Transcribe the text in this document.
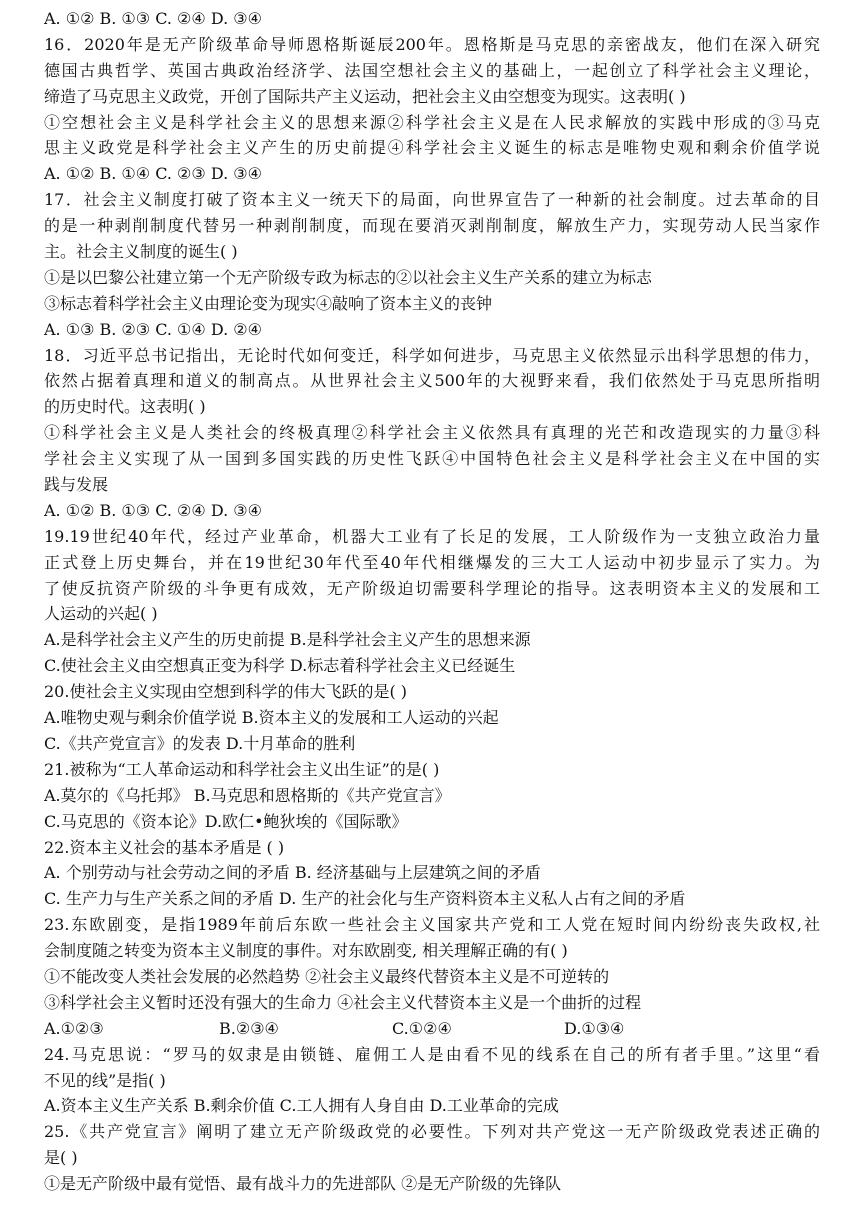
A. ①② B. ①③ C. ②④ D. ③④
16．2020年是无产阶级革命导师恩格斯诞辰200年。恩格斯是马克思的亲密战友，他们在深入研究
德国古典哲学、英国古典政治经济学、法国空想社会主义的基础上，一起创立了科学社会主义理论，
缔造了马克思主义政党，开创了国际共产主义运动，把社会主义由空想变为现实。这表明( )
①空想社会主义是科学社会主义的思想来源②科学社会主义是在人民求解放的实践中形成的③马克
思主义政党是科学社会主义产生的历史前提④科学社会主义诞生的标志是唯物史观和剩余价值学说
A. ①② B. ①④ C. ②③ D. ③④
17．社会主义制度打破了资本主义一统天下的局面，向世界宣告了一种新的社会制度。过去革命的目
的是一种剥削制度代替另一种剥削制度，而现在要消灭剥削制度，解放生产力，实现劳动人民当家作
主。社会主义制度的诞生( )
①是以巴黎公社建立第一个无产阶级专政为标志的②以社会主义生产关系的建立为标志
③标志着科学社会主义由理论变为现实④敲响了资本主义的丧钟
A. ①③ B. ②③ C. ①④ D. ②④
18．习近平总书记指出，无论时代如何变迁，科学如何进步，马克思主义依然显示出科学思想的伟力，
依然占据着真理和道义的制高点。从世界社会主义500年的大视野来看，我们依然处于马克思所指明
的历史时代。这表明( )
①科学社会主义是人类社会的终极真理②科学社会主义依然具有真理的光芒和改造现实的力量③科
学社会主义实现了从一国到多国实践的历史性飞跃④中国特色社会主义是科学社会主义在中国的实
践与发展
A. ①② B. ①③ C. ②④ D. ③④
19.19世纪40年代，经过产业革命，机器大工业有了长足的发展，工人阶级作为一支独立政治力量
正式登上历史舞台，并在19世纪30年代至40年代相继爆发的三大工人运动中初步显示了实力。为
了使反抗资产阶级的斗争更有成效，无产阶级迫切需要科学理论的指导。这表明资本主义的发展和工
人运动的兴起( )
A.是科学社会主义产生的历史前提 B.是科学社会主义产生的思想来源
C.使社会主义由空想真正变为科学 D.标志着科学社会主义已经诞生
20.使社会主义实现由空想到科学的伟大飞跃的是( )
A.唯物史观与剩余价值学说 B.资本主义的发展和工人运动的兴起
C.《共产党宣言》的发表 D.十月革命的胜利
21.被称为“工人革命运动和科学社会主义出生证”的是( )
A.莫尔的《乌托邦》 B.马克思和恩格斯的《共产党宣言》
C.马克思的《资本论》D.欧仁•鲍狄埃的《国际歌》
22.资本主义社会的基本矛盾是 ( )
A. 个别劳动与社会劳动之间的矛盾 B. 经济基础与上层建筑之间的矛盾
C. 生产力与生产关系之间的矛盾 D. 生产的社会化与生产资料资本主义私人占有之间的矛盾
23.东欧剧变，是指1989年前后东欧一些社会主义国家共产党和工人党在短时间内纷纷丧失政权,社
会制度随之转变为资本主义制度的事件。对东欧剧变, 相关理解正确的有( )
①不能改变人类社会发展的必然趋势 ②社会主义最终代替资本主义是不可逆转的
③科学社会主义暂时还没有强大的生命力 ④社会主义代替资本主义是一个曲折的过程
A.①②③	B.②③④	C.①②④	D.①③④
24.马克思说：“罗马的奴隶是由锁链、雇佣工人是由看不见的线系在自己的所有者手里。”这里“看
不见的线”是指( )
A.资本主义生产关系 B.剩余价值 C.工人拥有人身自由 D.工业革命的完成
25.《共产党宣言》阐明了建立无产阶级政党的必要性。下列对共产党这一无产阶级政党表述正确的
是( )
①是无产阶级中最有觉悟、最有战斗力的先进部队 ②是无产阶级的先锋队
